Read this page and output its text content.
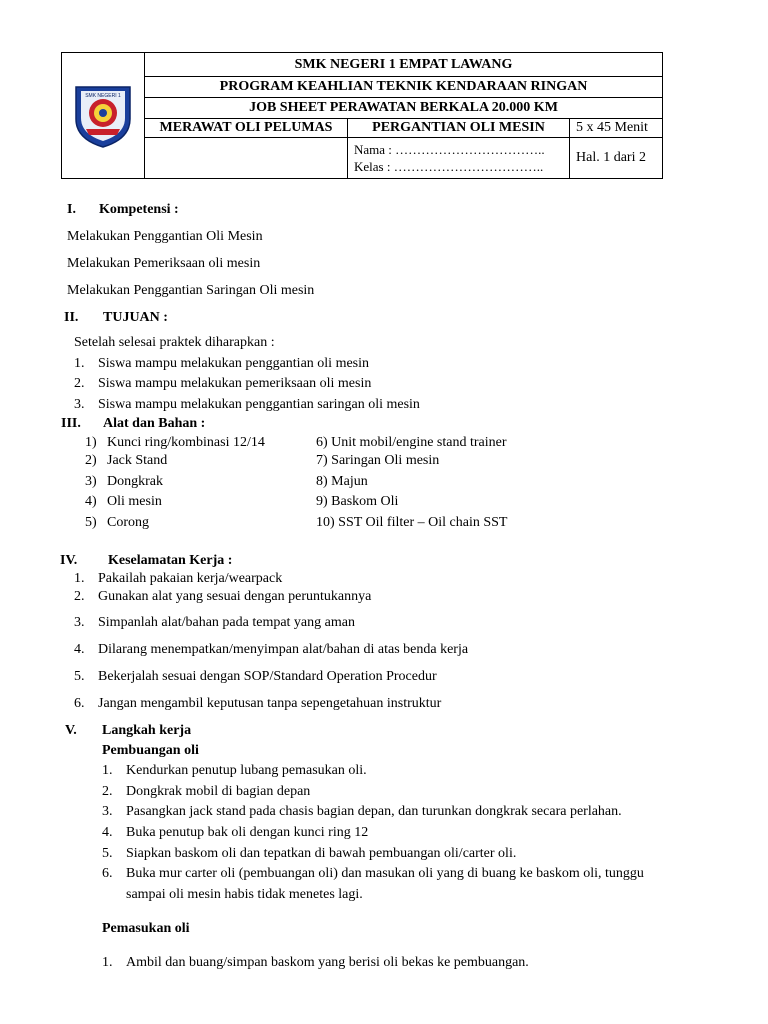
SMK NEGERI 1	SMK NEGERI 1 EMPAT LAWANG		
	PROGRAM KEAHLIAN TEKNIK KENDARAAN RINGAN		
	JOB SHEET PERAWATAN BERKALA 20.000 KM		
	MERAWAT OLI PELUMAS	PERGANTIAN OLI MESIN	5 x 45 Menit

		Nama : ……………………………..
Kelas : ……………………………..	Hal. 1 dari 2
I. Kompetensi :
Melakukan Penggantian Oli Mesin
Melakukan Pemeriksaan oli mesin
Melakukan Penggantian Saringan Oli mesin
II. TUJUAN :
Setelah selesai praktek diharapkan :
1. Siswa mampu melakukan penggantian oli mesin
2. Siswa mampu melakukan pemeriksaan oli mesin
3. Siswa mampu melakukan penggantian saringan oli mesin
III. Alat dan Bahan :
1) Kunci ring/kombinasi 12/14
2) Jack Stand
3) Dongkrak
4) Oli mesin
5) Corong
6) Unit mobil/engine stand trainer
7) Saringan Oli mesin
8) Majun
9) Baskom Oli
10) SST Oil filter – Oil chain SST
IV. Keselamatan Kerja :
1. Pakailah pakaian kerja/wearpack
2. Gunakan alat yang sesuai dengan peruntukannya
3. Simpanlah alat/bahan pada tempat yang aman
4. Dilarang menempatkan/menyimpan alat/bahan di atas benda kerja
5. Bekerjalah sesuai dengan SOP/Standard Operation Procedur
6. Jangan mengambil keputusan tanpa sepengetahuan instruktur
V. Langkah kerja
Pembuangan oli
1. Kendurkan penutup lubang pemasukan oli.
2. Dongkrak mobil di bagian depan
3. Pasangkan jack stand pada chasis bagian depan, dan turunkan dongkrak secara perlahan.
4. Buka penutup bak oli dengan kunci ring 12
5. Siapkan baskom oli dan tepatkan di bawah pembuangan oli/carter oli.
6. Buka mur carter oli (pembuangan oli) dan masukan oli yang di buang ke baskom oli, tunggu
sampai oli mesin habis tidak menetes lagi.
Pemasukan oli
1. Ambil dan buang/simpan baskom yang berisi oli bekas ke pembuangan.
